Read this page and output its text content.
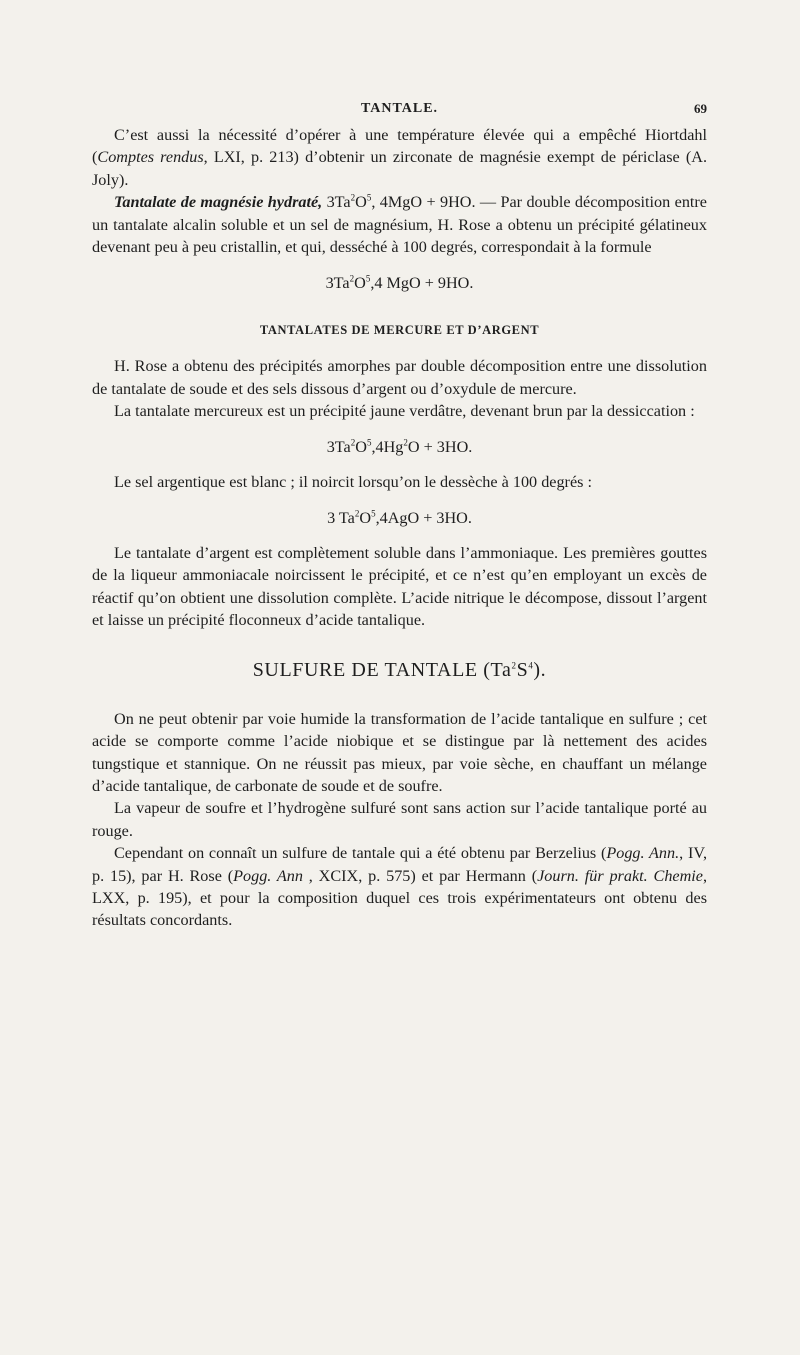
TANTALE.	69

C’est aussi la nécessité d’opérer à une température élevée qui a empêché Hiortdahl (Comptes rendus, LXI, p. 213) d’obtenir un zirconate de magnésie exempt de périclase (A. Joly).

Tantalate de magnésie hydraté, $3Ta^2O^5$, 4MgO + 9HO. — Par double décomposition entre un tantalate alcalin soluble et un sel de magnésium, H. Rose a obtenu un précipité gélatineux devenant peu à peu cristallin, et qui, desséché à 100 degrés, correspondait à la formule

$3Ta^2O^5,4$ MgO + 9HO.

TANTALATES DE MERCURE ET D’ARGENT

H. Rose a obtenu des précipités amorphes par double décomposition entre une dissolution de tantalate de soude et des sels dissous d’argent ou d’oxydule de mercure.

La tantalate mercureux est un précipité jaune verdâtre, devenant brun par la dessiccation :

$3Ta^2O^5,4Hg^2O + 3HO$.

Le sel argentique est blanc ; il noircit lorsqu’on le dessèche à 100 degrés :

3 $Ta^2O^5,4AgO + 3HO$.

Le tantalate d’argent est complètement soluble dans l’ammoniaque. Les premières gouttes de la liqueur ammoniacale noircissent le précipité, et ce n’est qu’en employant un excès de réactif qu’on obtient une dissolution complète. L’acide nitrique le décompose, dissout l’argent et laisse un précipité floconneux d’acide tantalique.

SULFURE DE TANTALE $(Ta^2S^4)$.

On ne peut obtenir par voie humide la transformation de l’acide tantalique en sulfure ; cet acide se comporte comme l’acide niobique et se distingue par là nettement des acides tungstique et stannique. On ne réussit pas mieux, par voie sèche, en chauffant un mélange d’acide tantalique, de carbonate de soude et de soufre.

La vapeur de soufre et l’hydrogène sulfuré sont sans action sur l’acide tantalique porté au rouge.

Cependant on connaît un sulfure de tantale qui a été obtenu par Berzelius (Pogg. Ann., IV, p. 15), par H. Rose (Pogg. Ann , XCIX, p. 575) et par Hermann (Journ. für prakt. Chemie, LXX, p. 195), et pour la composition duquel ces trois expérimentateurs ont obtenu des résultats concordants.
